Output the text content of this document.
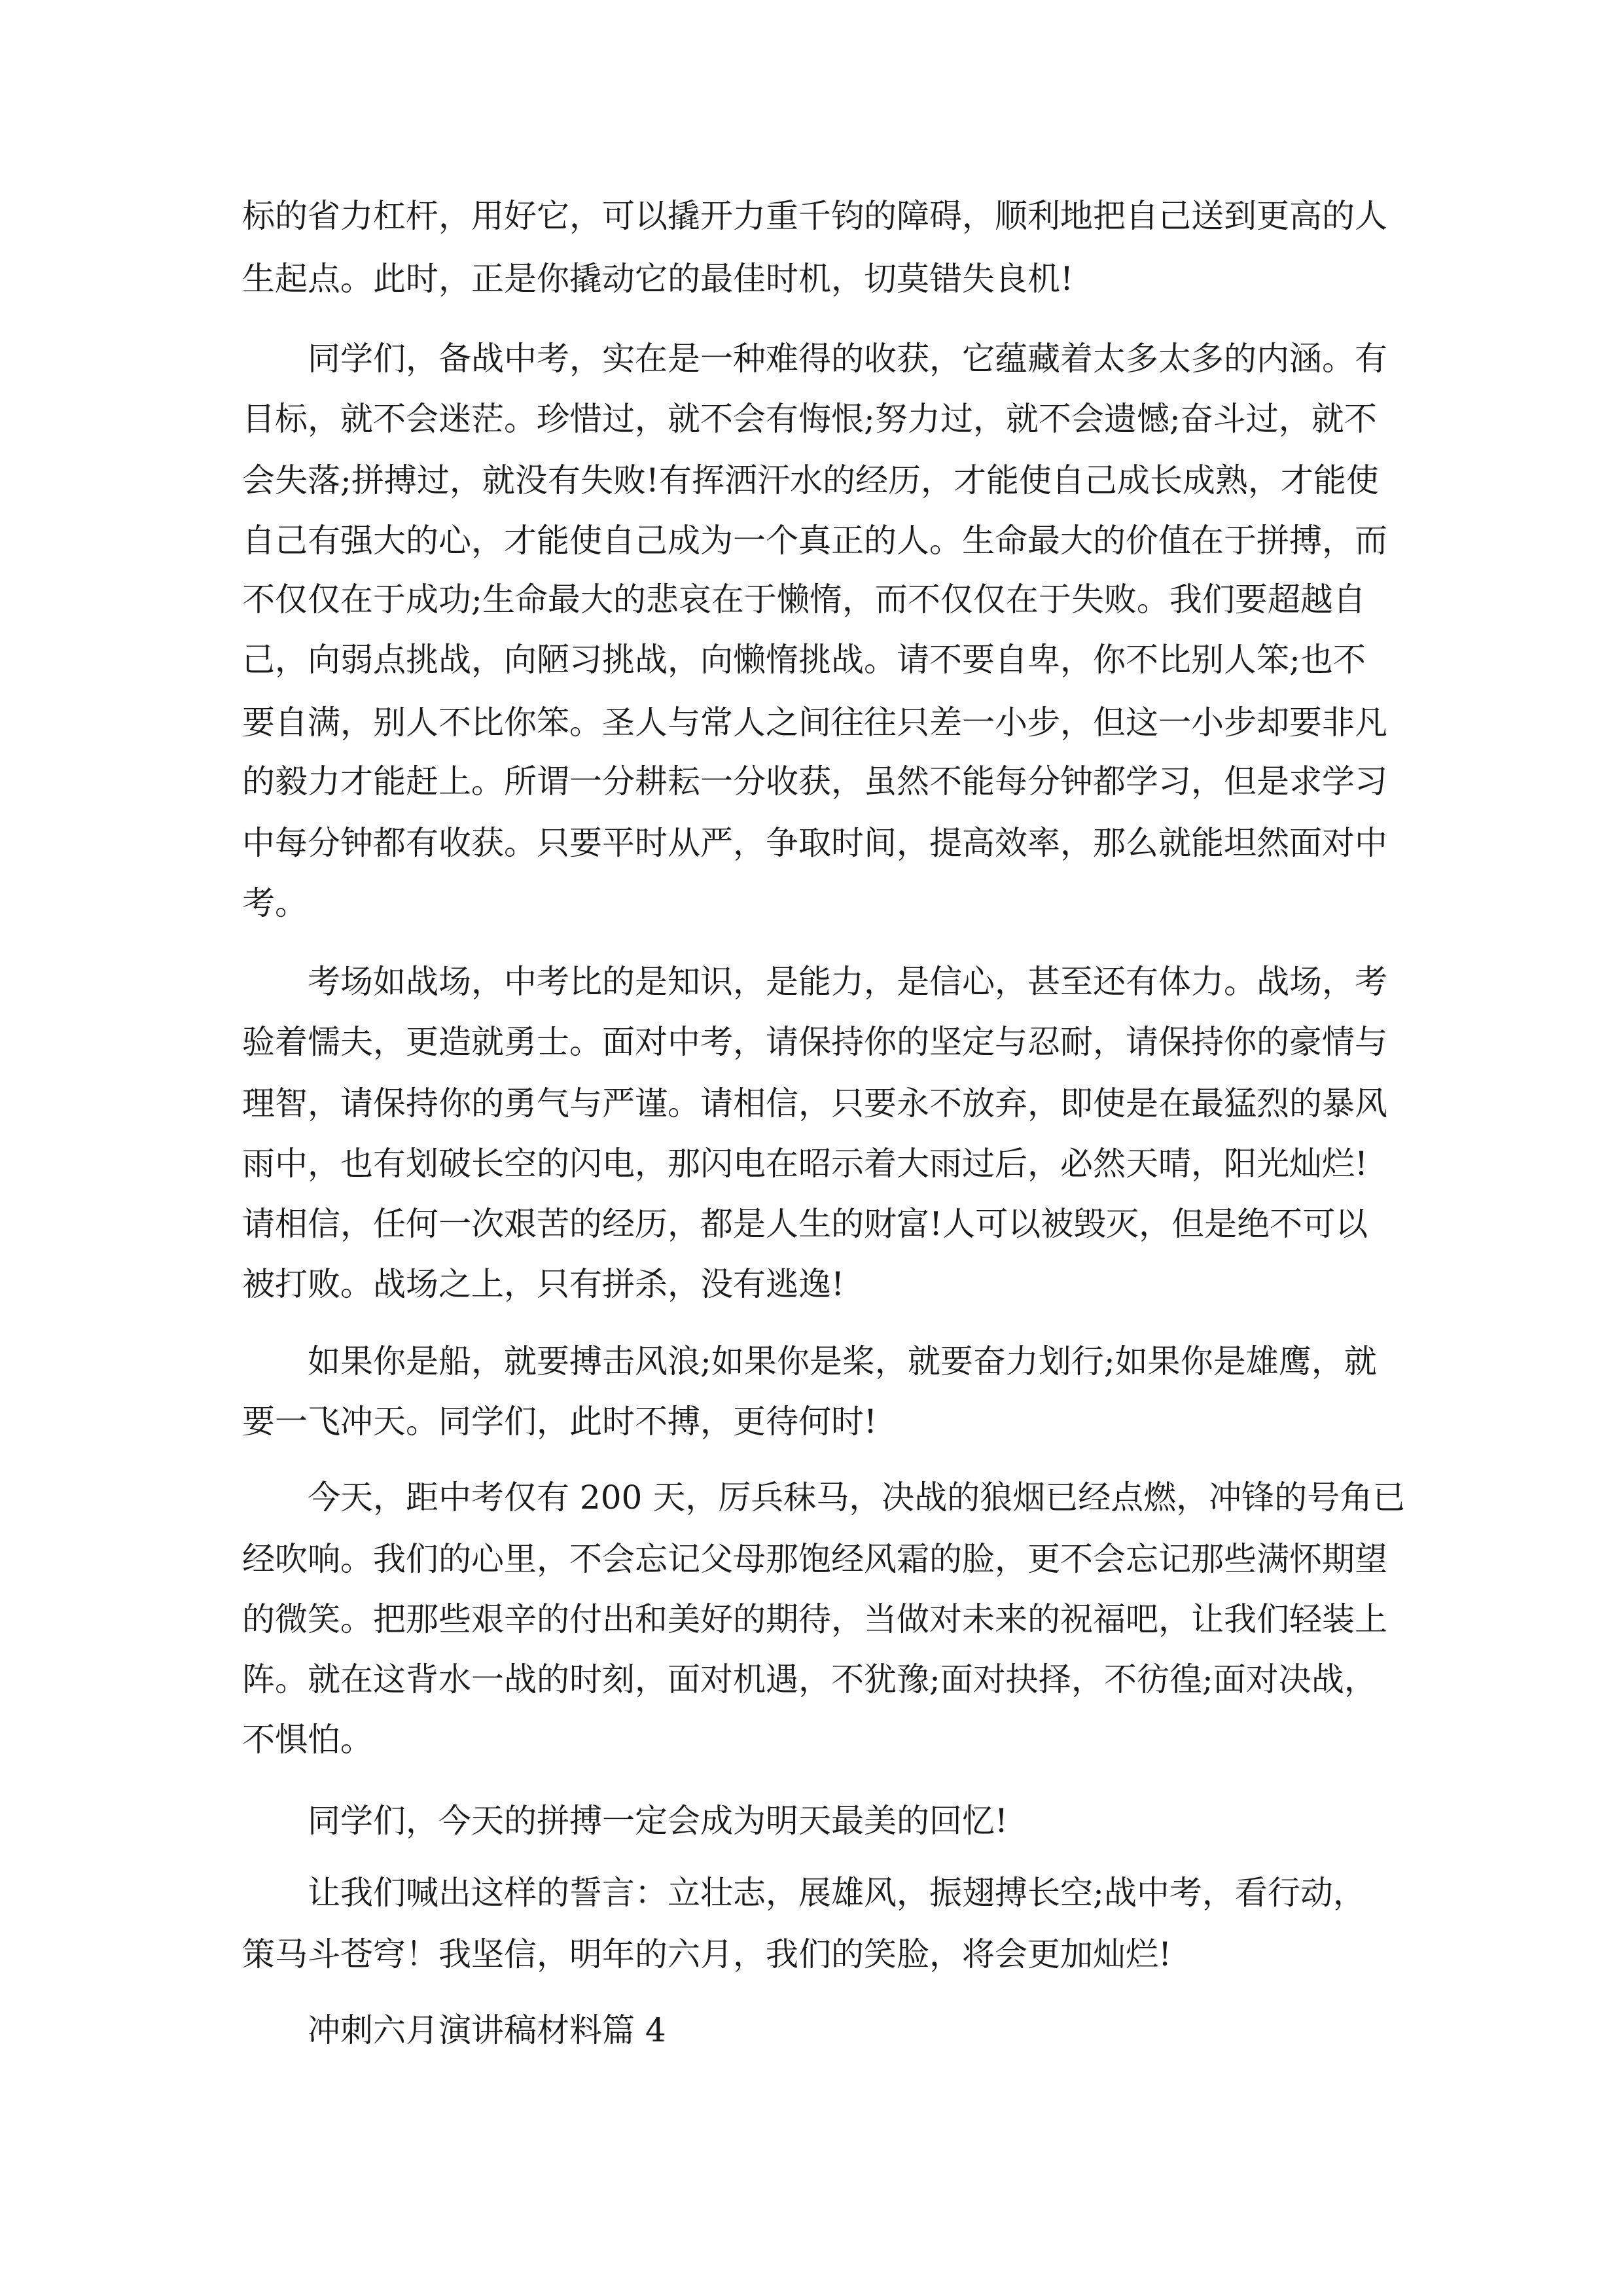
标的省力杠杆，用好它，可以撬开力重千钧的障碍，顺利地把自己送到更高的人
生起点。此时，正是你撬动它的最佳时机，切莫错失良机!
同学们，备战中考，实在是一种难得的收获，它蕴藏着太多太多的内涵。有
目标，就不会迷茫。珍惜过，就不会有悔恨;努力过，就不会遗憾;奋斗过，就不
会失落;拼搏过，就没有失败!有挥洒汗水的经历，才能使自己成长成熟，才能使
自己有强大的心，才能使自己成为一个真正的人。生命最大的价值在于拼搏，而
不仅仅在于成功;生命最大的悲哀在于懒惰，而不仅仅在于失败。我们要超越自
己，向弱点挑战，向陋习挑战，向懒惰挑战。请不要自卑，你不比别人笨;也不
要自满，别人不比你笨。圣人与常人之间往往只差一小步，但这一小步却要非凡
的毅力才能赶上。所谓一分耕耘一分收获，虽然不能每分钟都学习，但是求学习
中每分钟都有收获。只要平时从严，争取时间，提高效率，那么就能坦然面对中
考。
考场如战场，中考比的是知识，是能力，是信心，甚至还有体力。战场，考
验着懦夫，更造就勇士。面对中考，请保持你的坚定与忍耐，请保持你的豪情与
理智，请保持你的勇气与严谨。请相信，只要永不放弃，即使是在最猛烈的暴风
雨中，也有划破长空的闪电，那闪电在昭示着大雨过后，必然天晴，阳光灿烂!
请相信，任何一次艰苦的经历，都是人生的财富!人可以被毁灭，但是绝不可以
被打败。战场之上，只有拼杀，没有逃逸!
如果你是船，就要搏击风浪;如果你是桨，就要奋力划行;如果你是雄鹰，就
要一飞冲天。同学们，此时不搏，更待何时!
今天，距中考仅有 200 天，厉兵秣马，决战的狼烟已经点燃，冲锋的号角已
经吹响。我们的心里，不会忘记父母那饱经风霜的脸，更不会忘记那些满怀期望
的微笑。把那些艰辛的付出和美好的期待，当做对未来的祝福吧，让我们轻装上
阵。就在这背水一战的时刻，面对机遇，不犹豫;面对抉择，不彷徨;面对决战，
不惧怕。
同学们，今天的拼搏一定会成为明天最美的回忆!
让我们喊出这样的誓言：立壮志，展雄风，振翅搏长空;战中考，看行动，
策马斗苍穹！我坚信，明年的六月，我们的笑脸，将会更加灿烂!
冲刺六月演讲稿材料篇 4
